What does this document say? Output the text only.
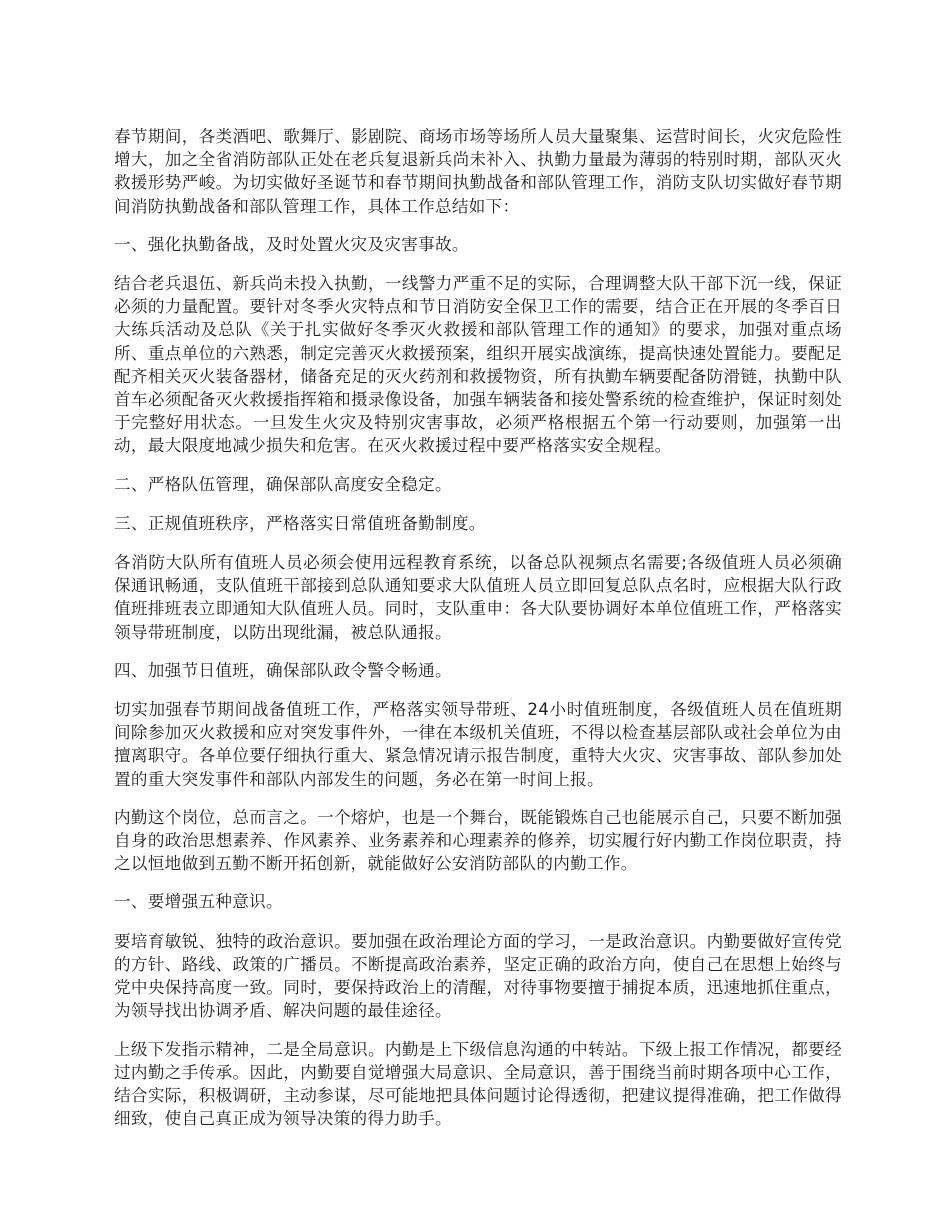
春节期间，各类酒吧、歌舞厅、影剧院、商场市场等场所人员大量聚集、运营时间长，火灾危险性增大，加之全省消防部队正处在老兵复退新兵尚未补入、执勤力量最为薄弱的特别时期，部队灭火救援形势严峻。为切实做好圣诞节和春节期间执勤战备和部队管理工作，消防支队切实做好春节期间消防执勤战备和部队管理工作，具体工作总结如下：

一、强化执勤备战，及时处置火灾及灾害事故。

结合老兵退伍、新兵尚未投入执勤，一线警力严重不足的实际，合理调整大队干部下沉一线，保证必须的力量配置。要针对冬季火灾特点和节日消防安全保卫工作的需要，结合正在开展的冬季百日大练兵活动及总队《关于扎实做好冬季灭火救援和部队管理工作的通知》的要求，加强对重点场所、重点单位的六熟悉，制定完善灭火救援预案，组织开展实战演练，提高快速处置能力。要配足配齐相关灭火装备器材，储备充足的灭火药剂和救援物资，所有执勤车辆要配备防滑链，执勤中队首车必须配备灭火救援指挥箱和摄录像设备，加强车辆装备和接处警系统的检查维护，保证时刻处于完整好用状态。一旦发生火灾及特别灾害事故，必须严格根据五个第一行动要则，加强第一出动，最大限度地减少损失和危害。在灭火救援过程中要严格落实安全规程。

二、严格队伍管理，确保部队高度安全稳定。

三、正规值班秩序，严格落实日常值班备勤制度。

各消防大队所有值班人员必须会使用远程教育系统，以备总队视频点名需要;各级值班人员必须确保通讯畅通，支队值班干部接到总队通知要求大队值班人员立即回复总队点名时，应根据大队行政值班排班表立即通知大队值班人员。同时，支队重申：各大队要协调好本单位值班工作，严格落实领导带班制度，以防出现纰漏，被总队通报。

四、加强节日值班，确保部队政令警令畅通。

切实加强春节期间战备值班工作，严格落实领导带班、24小时值班制度，各级值班人员在值班期间除参加灭火救援和应对突发事件外，一律在本级机关值班，不得以检查基层部队或社会单位为由擅离职守。各单位要仔细执行重大、紧急情况请示报告制度，重特大火灾、灾害事故、部队参加处置的重大突发事件和部队内部发生的问题，务必在第一时间上报。

内勤这个岗位，总而言之。一个熔炉，也是一个舞台，既能锻炼自己也能展示自己，只要不断加强自身的政治思想素养、作风素养、业务素养和心理素养的修养，切实履行好内勤工作岗位职责，持之以恒地做到五勤不断开拓创新，就能做好公安消防部队的内勤工作。

一、要增强五种意识。

要培育敏锐、独特的政治意识。要加强在政治理论方面的学习，一是政治意识。内勤要做好宣传党的方针、路线、政策的广播员。不断提高政治素养，坚定正确的政治方向，使自己在思想上始终与党中央保持高度一致。同时，要保持政治上的清醒，对待事物要擅于捕捉本质，迅速地抓住重点，为领导找出协调矛盾、解决问题的最佳途径。

上级下发指示精神，二是全局意识。内勤是上下级信息沟通的中转站。下级上报工作情况，都要经过内勤之手传承。因此，内勤要自觉增强大局意识、全局意识，善于围绕当前时期各项中心工作，结合实际，积极调研，主动参谋，尽可能地把具体问题讨论得透彻，把建议提得准确，把工作做得细致，使自己真正成为领导决策的得力助手。
